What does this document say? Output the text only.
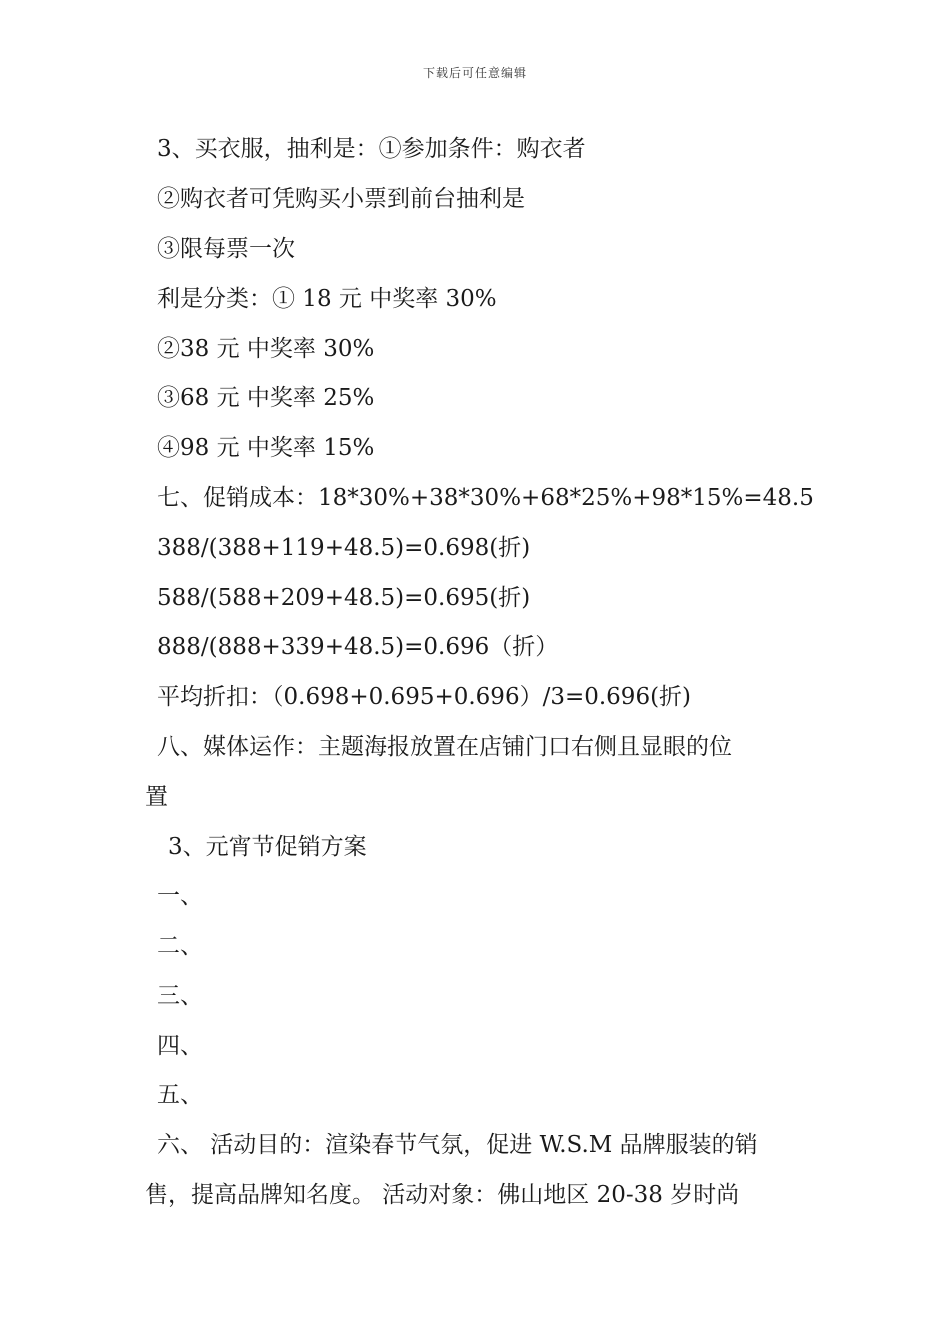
下载后可任意编辑
3、买衣服，抽利是：①参加条件：购衣者
②购衣者可凭购买小票到前台抽利是
③限每票一次
利是分类：① 18 元 中奖率 30%
②38 元 中奖率 30%
③68 元 中奖率 25%
④98 元 中奖率 15%
七、促销成本：18*30%+38*30%+68*25%+98*15%=48.5
388/(388+119+48.5)=0.698(折)
588/(588+209+48.5)=0.695(折)
888/(888+339+48.5)=0.696（折）
平均折扣：（0.698+0.695+0.696）/3=0.696(折)
八、媒体运作：主题海报放置在店铺门口右侧且显眼的位
置
3、元宵节促销方案
一、
二、
三、
四、
五、
六、 活动目的：渲染春节气氛，促进 W.S.M 品牌服装的销
售，提高品牌知名度。 活动对象：佛山地区 20-38 岁时尚
